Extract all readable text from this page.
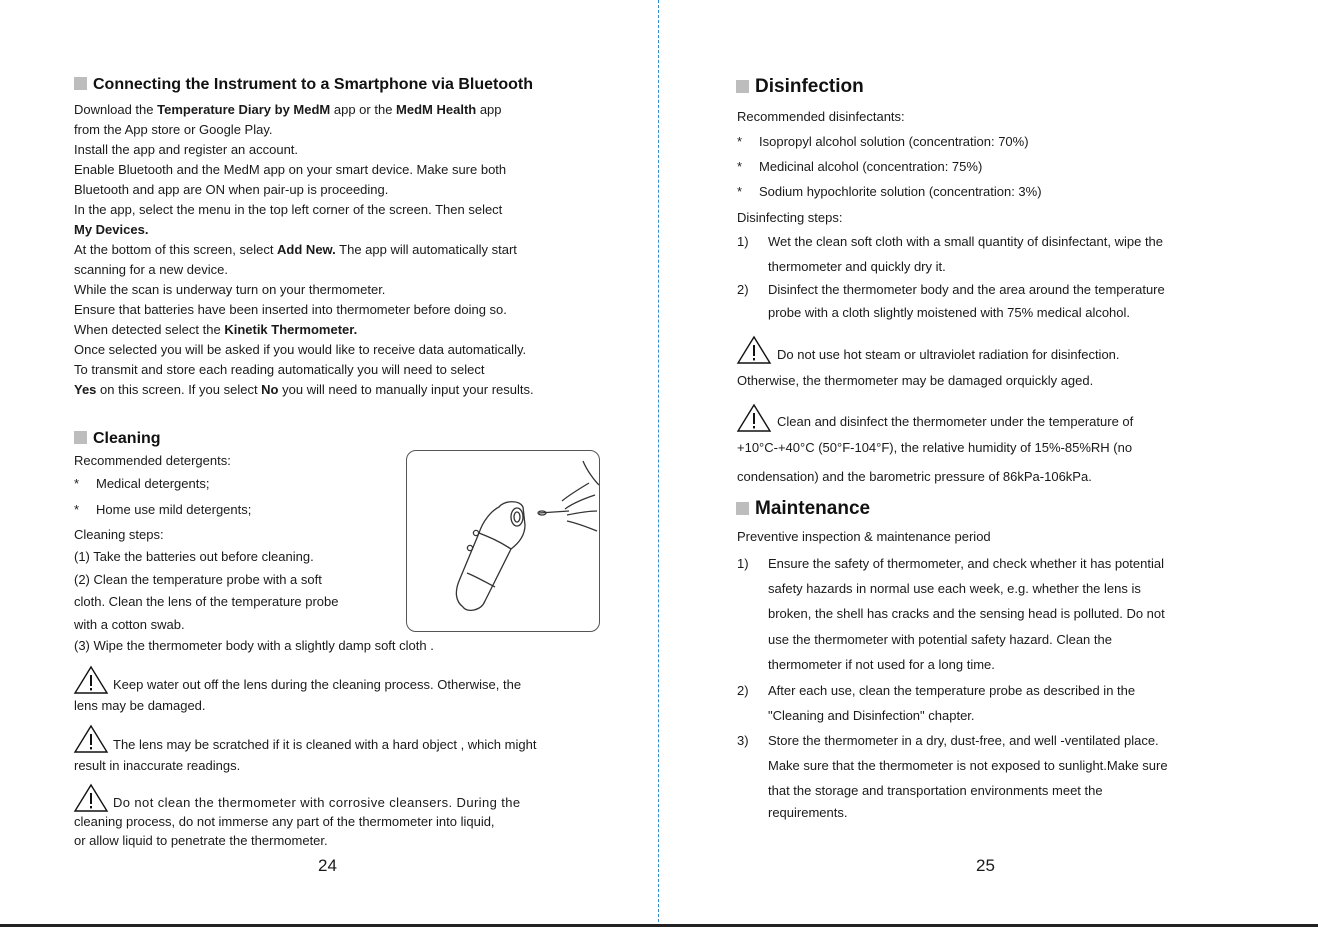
Connecting the Instrument to a Smartphone via Bluetooth
Download the Temperature Diary by MedM app or the MedM Health app
from the App store or Google Play.
Install the app and register an account.
Enable Bluetooth and the MedM app on your smart device. Make sure both
Bluetooth and app are ON when pair-up is proceeding.
In the app, select the menu in the top left corner of the screen. Then select
My Devices.
At the bottom of this screen, select Add New. The app will automatically start
scanning for a new device.
While the scan is underway turn on your thermometer.
Ensure that batteries have been inserted into thermometer before doing so.
When detected select the Kinetik Thermometer.
Once selected you will be asked if you would like to receive data automatically.
To transmit and store each reading automatically you will need to select
Yes on this screen. If you select No you will need to manually input your results.
Cleaning
Recommended detergents:
* Medical detergents;
* Home use mild detergents;
Cleaning steps:
(1) Take the batteries out before cleaning.
(2) Clean the temperature probe with a soft
cloth. Clean the lens of the temperature probe
with a cotton swab.
(3) Wipe the thermometer body with a slightly damp soft cloth .
Keep water out off the lens during the cleaning process. Otherwise, the
lens may be damaged.
The lens may be scratched if it is cleaned with a hard object , which might
result in inaccurate readings.
Do not clean the thermometer with corrosive cleansers. During the
cleaning process, do not immerse any part of the thermometer into liquid,
or allow liquid to penetrate the thermometer.
24
Disinfection
Recommended disinfectants:
* Isopropyl alcohol solution (concentration: 70%)
* Medicinal alcohol (concentration: 75%)
* Sodium hypochlorite solution (concentration: 3%)
Disinfecting steps:
1) Wet the clean soft cloth with a small quantity of disinfectant, wipe the
thermometer and quickly dry it.
2) Disinfect the thermometer body and the area around the temperature
probe with a cloth slightly moistened with 75% medical alcohol.
Do not use hot steam or ultraviolet radiation for disinfection.
Otherwise, the thermometer may be damaged orquickly aged.
Clean and disinfect the thermometer under the temperature of
+10°C-+40°C (50°F-104°F), the relative humidity of 15%-85%RH (no
condensation) and the barometric pressure of 86kPa-106kPa.
Maintenance
Preventive inspection & maintenance period
1) Ensure the safety of thermometer, and check whether it has potential
safety hazards in normal use each week, e.g. whether the lens is
broken, the shell has cracks and the sensing head is polluted. Do not
use the thermometer with potential safety hazard. Clean the
thermometer if not used for a long time.
2) After each use, clean the temperature probe as described in the
"Cleaning and Disinfection" chapter.
3) Store the thermometer in a dry, dust-free, and well -ventilated place.
Make sure that the thermometer is not exposed to sunlight.Make sure
that the storage and transportation environments meet the
requirements.
25
